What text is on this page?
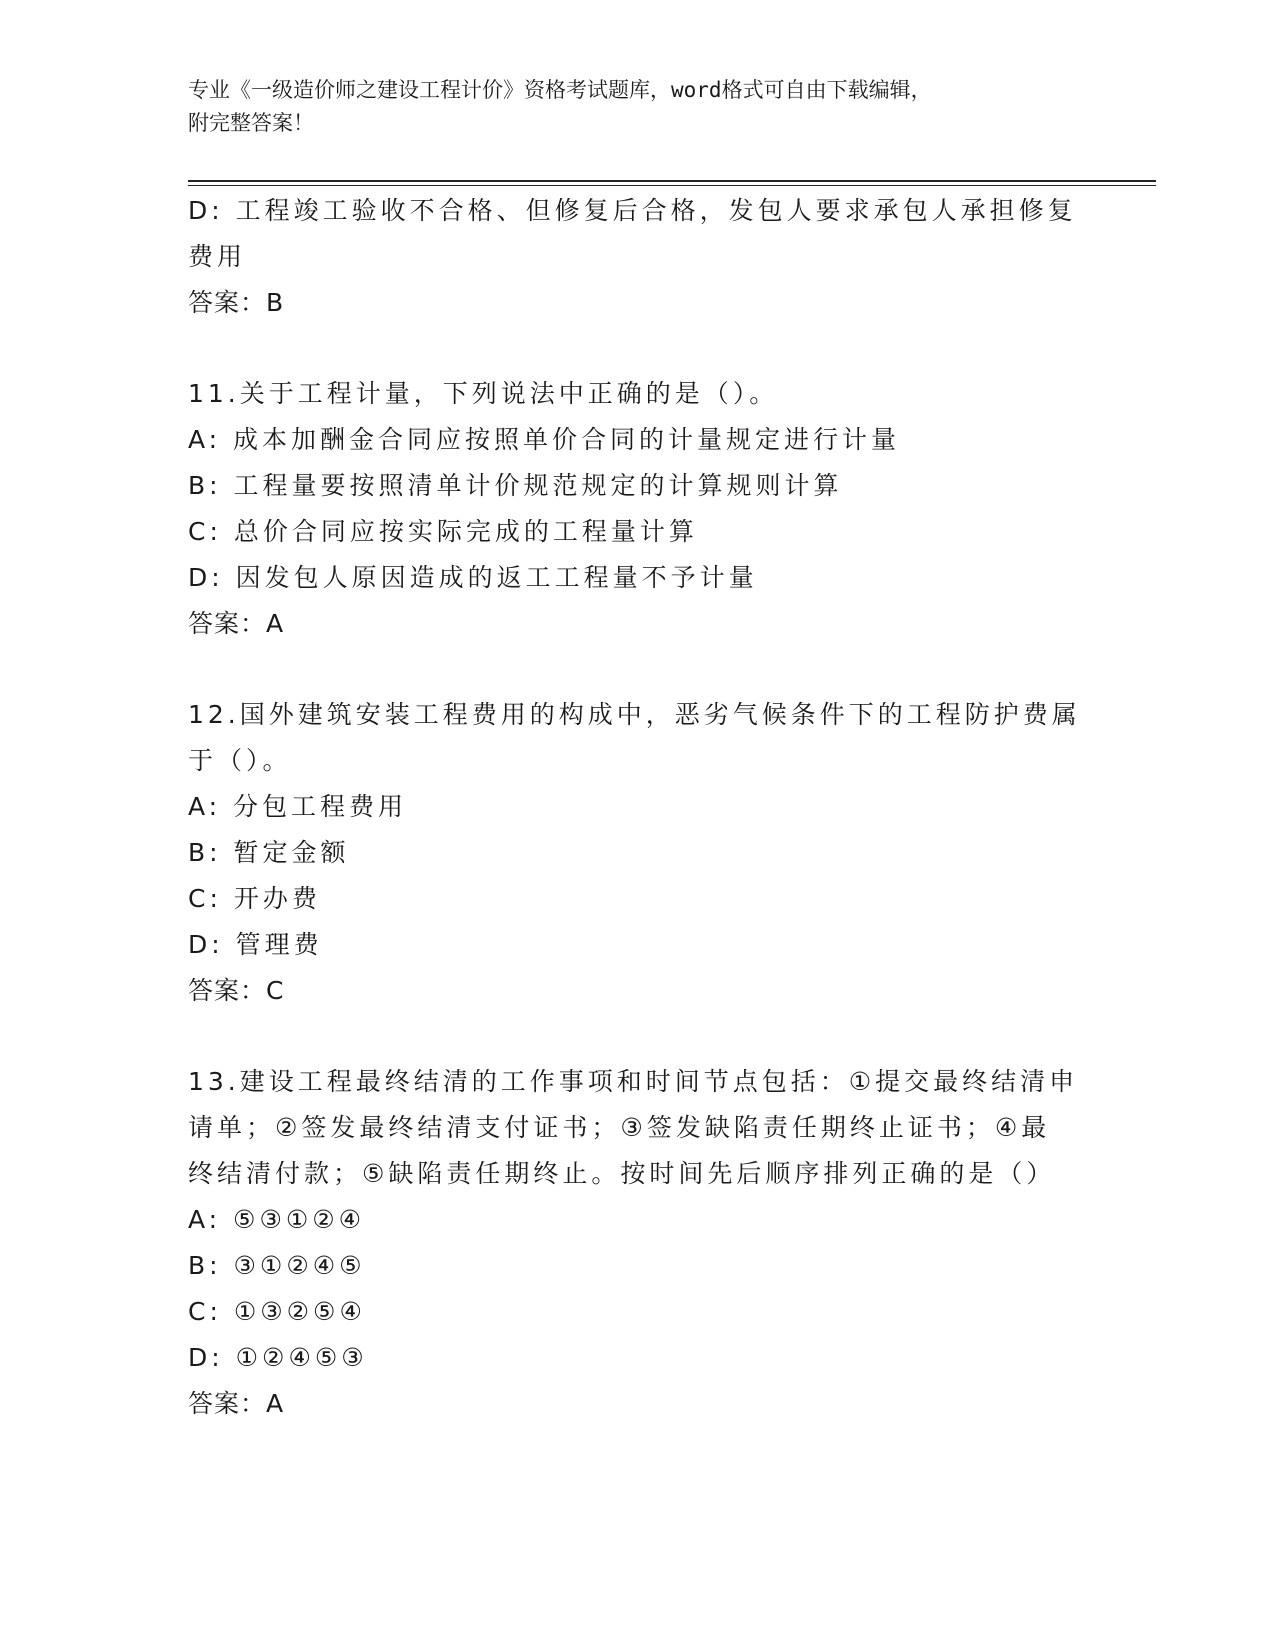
专业《一级造价师之建设工程计价》资格考试题库，word格式可自由下载编辑，
附完整答案！
D: 工程竣工验收不合格、但修复后合格，发包人要求承包人承担修复
费用
答案：B
11.关于工程计量，下列说法中正确的是（）。
A: 成本加酬金合同应按照单价合同的计量规定进行计量
B: 工程量要按照清单计价规范规定的计算规则计算
C: 总价合同应按实际完成的工程量计算
D: 因发包人原因造成的返工工程量不予计量
答案：A
12.国外建筑安装工程费用的构成中，恶劣气候条件下的工程防护费属
于（）。
A: 分包工程费用
B: 暂定金额
C: 开办费
D: 管理费
答案：C
13.建设工程最终结清的工作事项和时间节点包括：①提交最终结清申
请单；②签发最终结清支付证书；③签发缺陷责任期终止证书；④最
终结清付款；⑤缺陷责任期终止。按时间先后顺序排列正确的是（）
A: ⑤③①②④
B: ③①②④⑤
C: ①③②⑤④
D: ①②④⑤③
答案：A
